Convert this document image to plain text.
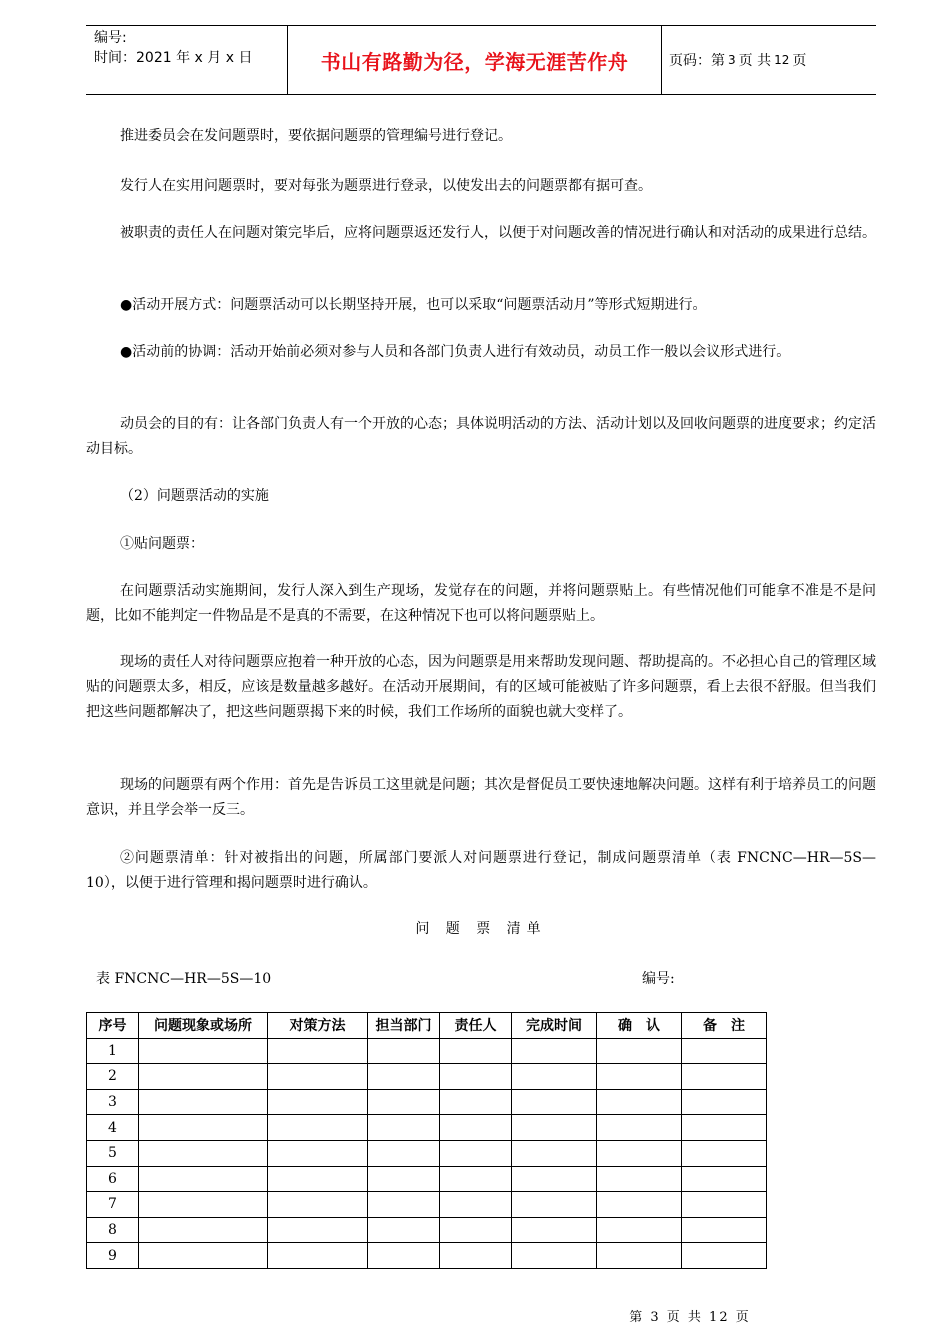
编号:
时间：2021 年 x 月 x 日	书山有路勤为径，学海无涯苦作舟	页码：第 3 页 共 12 页

推进委员会在发问题票时，要依据问题票的管理编号进行登记。

发行人在实用问题票时，要对每张为题票进行登录，以使发出去的问题票都有据可查。

被职责的责任人在问题对策完毕后，应将问题票返还发行人，以便于对问题改善的情况进行确认和对活动的成果进行总结。

●活动开展方式：问题票活动可以长期坚持开展，也可以采取“问题票活动月”等形式短期进行。

●活动前的协调：活动开始前必须对参与人员和各部门负责人进行有效动员，动员工作一般以会议形式进行。

动员会的目的有：让各部门负责人有一个开放的心态；具体说明活动的方法、活动计划以及回收问题票的进度要求；约定活动目标。

（2）问题票活动的实施

①贴问题票：

在问题票活动实施期间，发行人深入到生产现场，发觉存在的问题，并将问题票贴上。有些情况他们可能拿不准是不是问题，比如不能判定一件物品是不是真的不需要，在这种情况下也可以将问题票贴上。

现场的责任人对待问题票应抱着一种开放的心态，因为问题票是用来帮助发现问题、帮助提高的。不必担心自己的管理区域贴的问题票太多，相反，应该是数量越多越好。在活动开展期间，有的区域可能被贴了许多问题票，看上去很不舒服。但当我们把这些问题都解决了，把这些问题票揭下来的时候，我们工作场所的面貌也就大变样了。

现场的问题票有两个作用：首先是告诉员工这里就是问题；其次是督促员工要快速地解决问题。这样有利于培养员工的问题意识，并且学会举一反三。

②问题票清单：针对被指出的问题，所属部门要派人对问题票进行登记，制成问题票清单（表 FNCNC—HR—5S—10），以便于进行管理和揭问题票时进行确认。

问 题 票 清单
表 FNCNC—HR—5S—10	编号:
序号	问题现象或场所	对策方法	担当部门	责任人	完成时间	确　认	备　注
1							
2							
3							
4							
5							
6							
7							
8							
9							
第 3 页 共 12 页
